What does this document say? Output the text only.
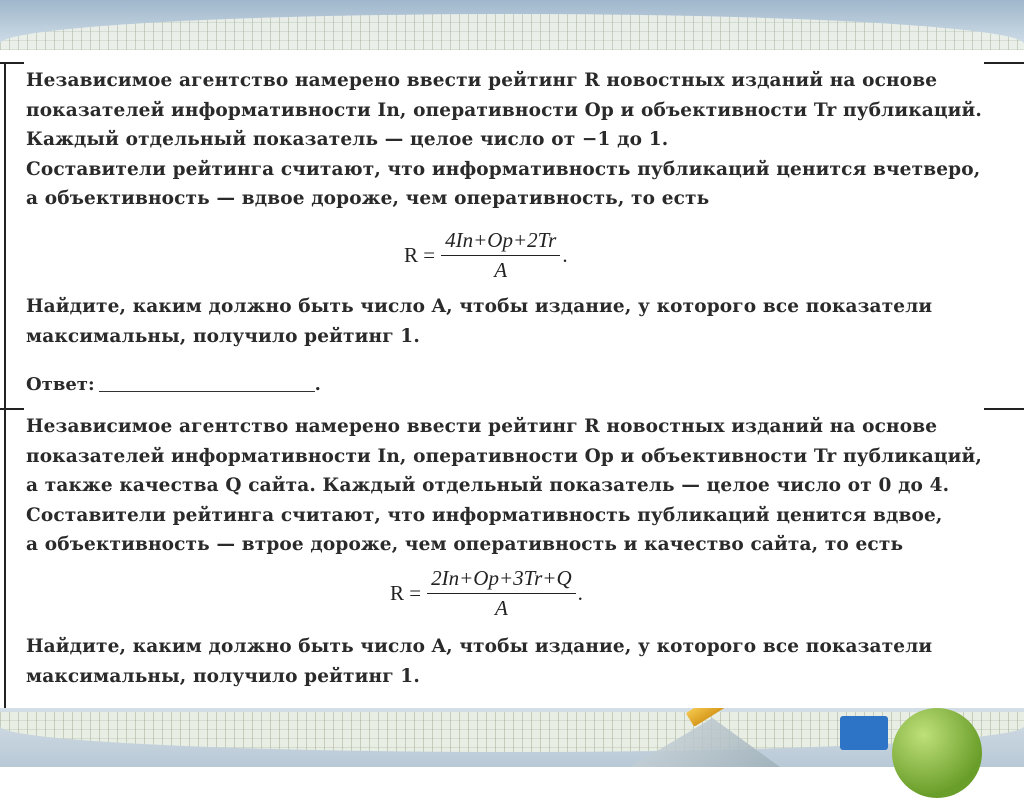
Независимое агентство намерено ввести рейтинг R новостных изданий на основе

показателей информативности In, оперативности Op и объективности Tr публикаций.

Каждый отдельный показатель — целое число от −1 до 1.

Составители рейтинга считают, что информативность публикаций ценится вчетверо,

а объективность — вдвое дороже, чем оперативность, то есть

$R = \frac{4In+Op+2Tr}{A}$ .

Найдите, каким должно быть число A, чтобы издание, у которого все показатели

максимальны, получило рейтинг 1.

Ответ:	.

Независимое агентство намерено ввести рейтинг R новостных изданий на основе

показателей информативности In, оперативности Op и объективности Tr публикаций,

а также качества Q сайта. Каждый отдельный показатель — целое число от 0 до 4.

Составители рейтинга считают, что информативность публикаций ценится вдвое,

а объективность — втрое дороже, чем оперативность и качество сайта, то есть

$R = \frac{2In+Op+3Tr+Q}{A}$ .

Найдите, каким должно быть число A, чтобы издание, у которого все показатели

максимальны, получило рейтинг 1.
